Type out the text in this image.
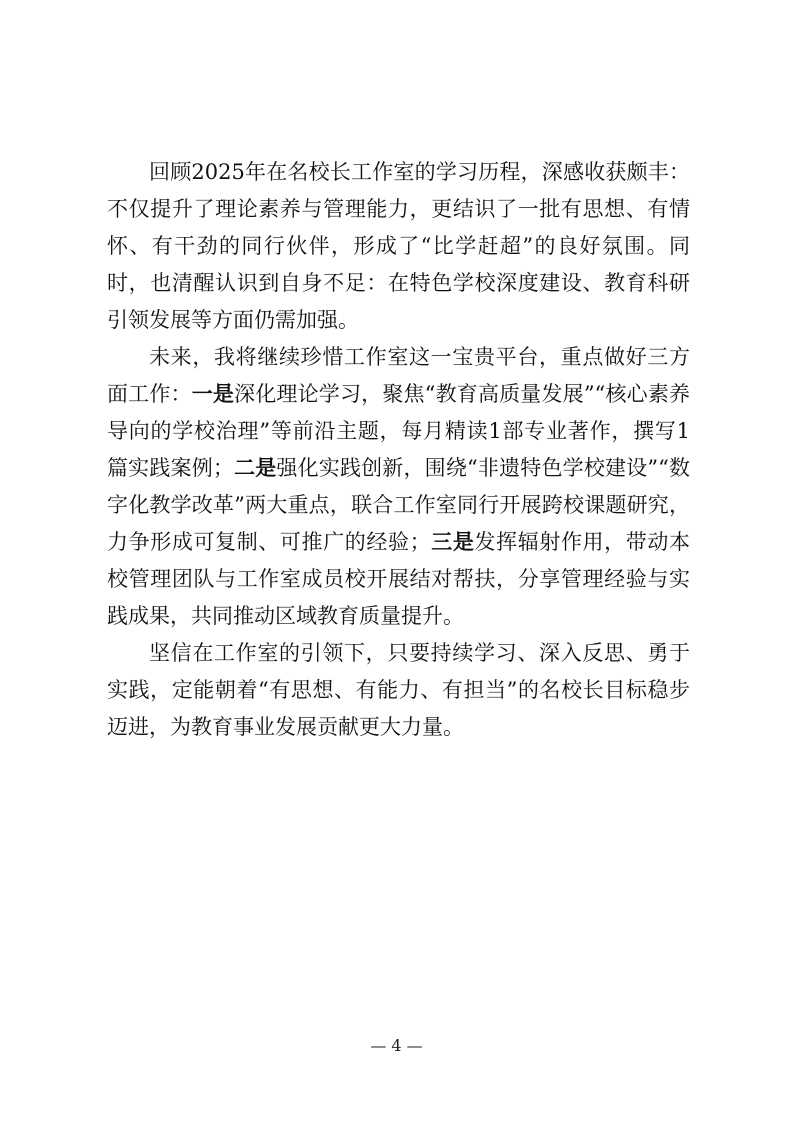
回顾2025年在名校长工作室的学习历程，深感收获颇丰：不仅提升了理论素养与管理能力，更结识了一批有思想、有情怀、有干劲的同行伙伴，形成了“比学赶超”的良好氛围。同时，也清醒认识到自身不足：在特色学校深度建设、教育科研引领发展等方面仍需加强。

未来，我将继续珍惜工作室这一宝贵平台，重点做好三方面工作：一是深化理论学习，聚焦“教育高质量发展”“核心素养导向的学校治理”等前沿主题，每月精读1部专业著作，撰写1篇实践案例；二是强化实践创新，围绕“非遗特色学校建设”“数字化教学改革”两大重点，联合工作室同行开展跨校课题研究，力争形成可复制、可推广的经验；三是发挥辐射作用，带动本校管理团队与工作室成员校开展结对帮扶，分享管理经验与实践成果，共同推动区域教育质量提升。

坚信在工作室的引领下，只要持续学习、深入反思、勇于实践，定能朝着“有思想、有能力、有担当”的名校长目标稳步迈进，为教育事业发展贡献更大力量。

— 4 —
